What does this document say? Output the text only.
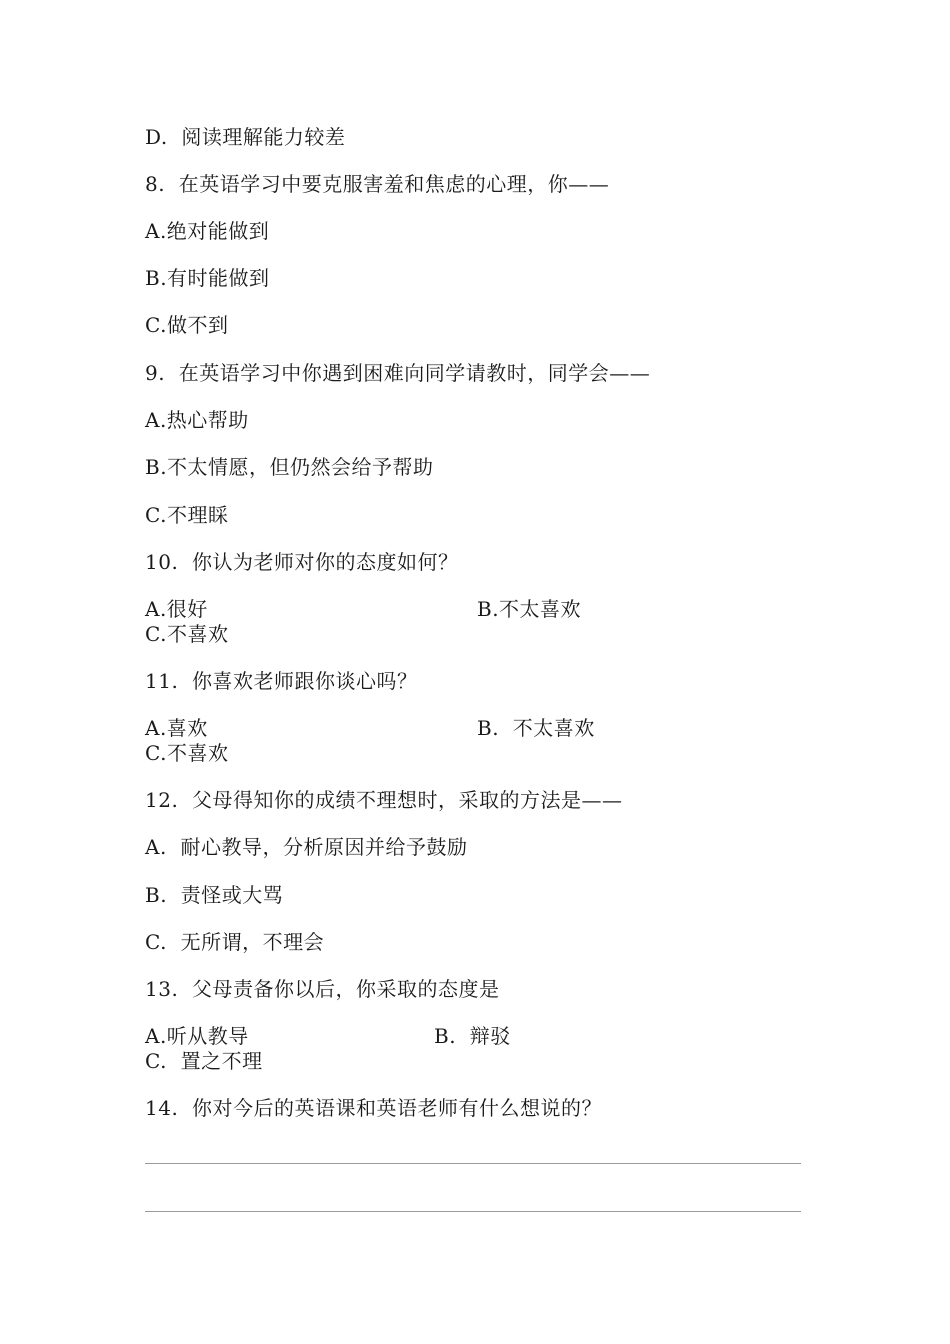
D.  阅读理解能力较差
8.  在英语学习中要克服害羞和焦虑的心理，你——
A.绝对能做到
B.有时能做到
C.做不到
9.  在英语学习中你遇到困难向同学请教时，同学会——
A.热心帮助
B.不太情愿，但仍然会给予帮助
C.不理睬
10.  你认为老师对你的态度如何？
A.很好	B.不太喜欢
C.不喜欢
11.  你喜欢老师跟你谈心吗？
A.喜欢	B.  不太喜欢
C.不喜欢
12.  父母得知你的成绩不理想时，采取的方法是——
A.  耐心教导，分析原因并给予鼓励
B.  责怪或大骂
C.  无所谓，不理会
13.  父母责备你以后，你采取的态度是
A.听从教导	B.  辩驳
C.  置之不理
14.  你对今后的英语课和英语老师有什么想说的？
